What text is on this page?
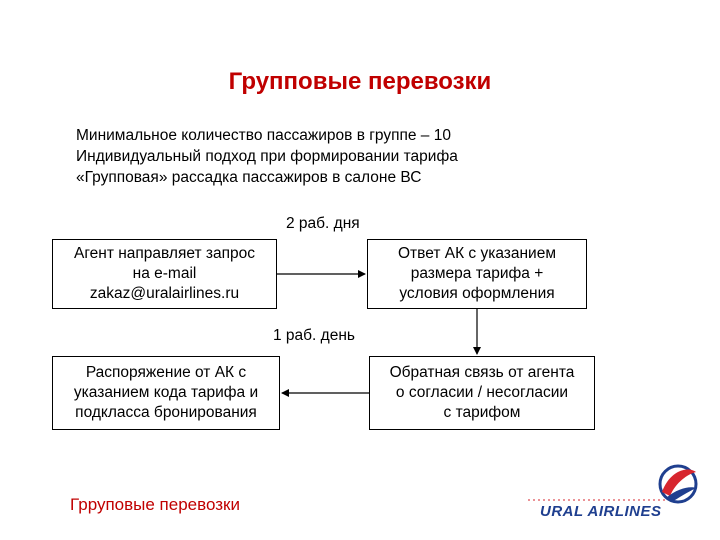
Групповые перевозки
Минимальное количество пассажиров в группе – 10
Индивидуальный подход при формировании тарифа
«Групповая» рассадка пассажиров в салоне ВС
2 раб. дня
Агент направляет запрос
на e-mail
zakaz@uralairlines.ru
Ответ АК с указанием
размера тарифа +
условия оформления
1 раб. день
Распоряжение от АК с
указанием кода тарифа и
подкласса бронирования
Обратная связь от агента
о согласии / несогласии
с тарифом
Грруповые перевозки	URAL AIRLINES
